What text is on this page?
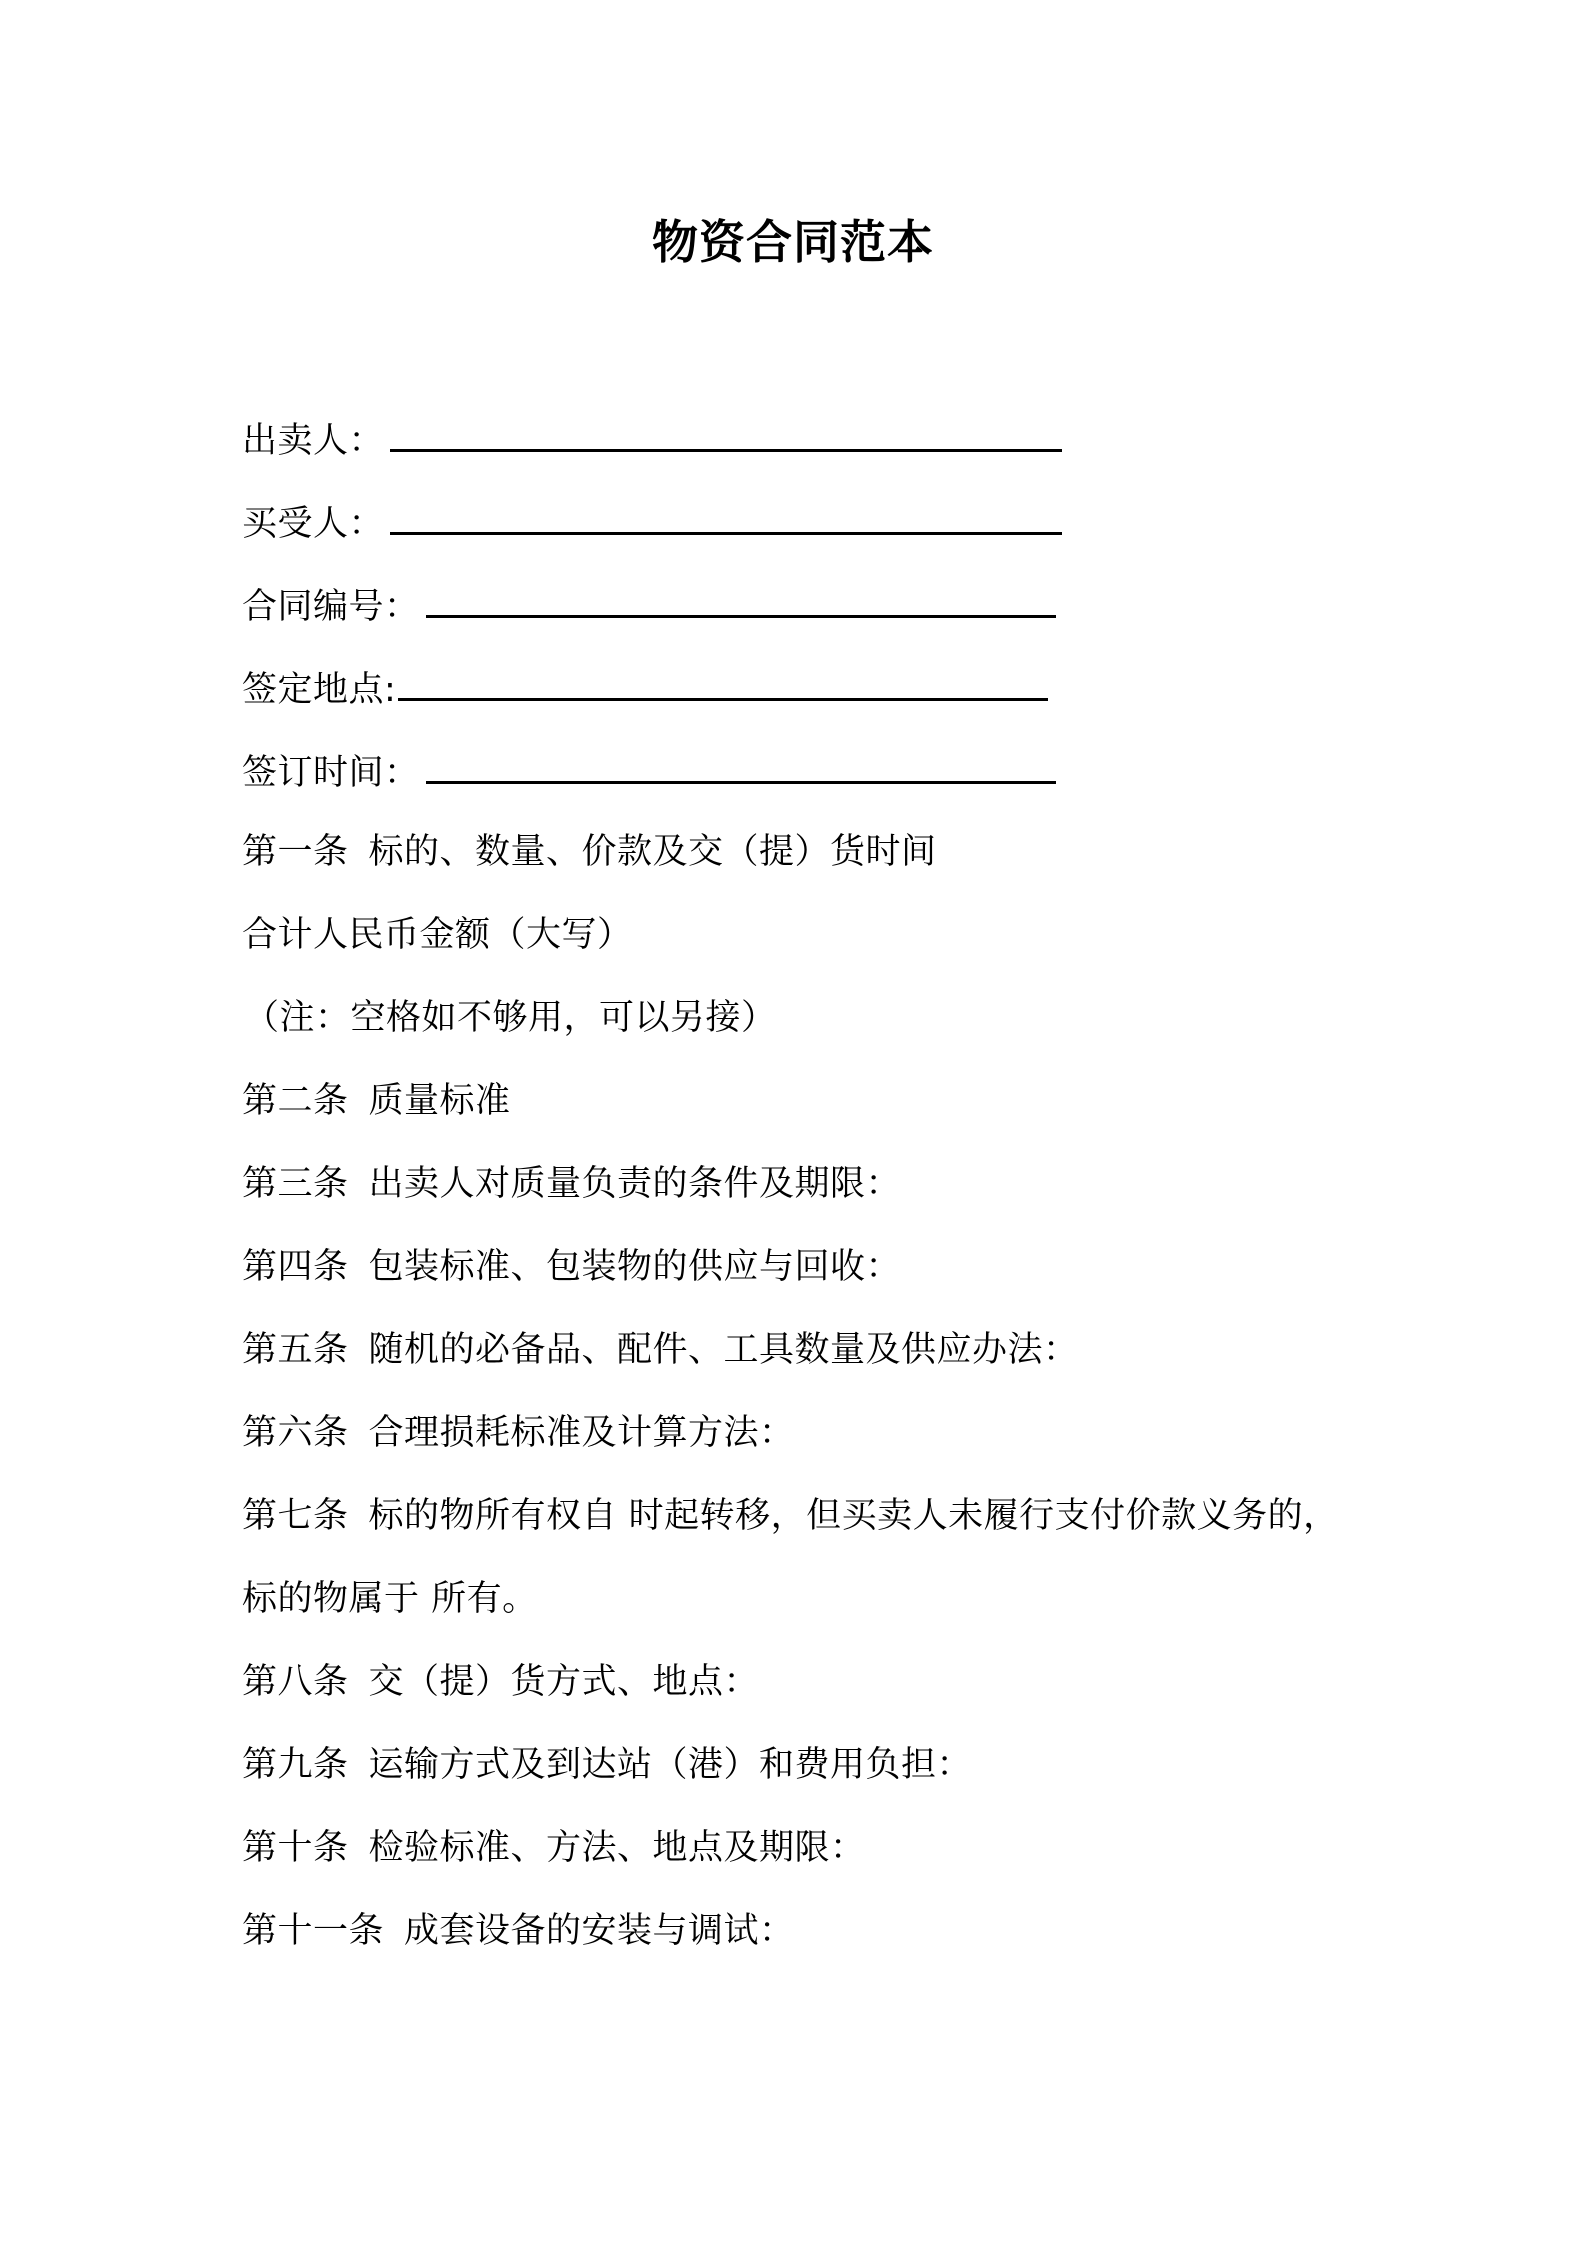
物资合同范本
出卖人：
买受人：
合同编号：
签定地点:
签订时间：
第一条 标的、数量、价款及交（提）货时间
合计人民币金额（大写）
（注：空格如不够用，可以另接）
第二条 质量标准
第三条 出卖人对质量负责的条件及期限：
第四条 包装标准、包装物的供应与回收：
第五条 随机的必备品、配件、工具数量及供应办法：
第六条 合理损耗标准及计算方法：
第七条 标的物所有权自 时起转移，但买卖人未履行支付价款义务的，
标的物属于 所有。
第八条 交（提）货方式、地点：
第九条 运输方式及到达站（港）和费用负担：
第十条 检验标准、方法、地点及期限：
第十一条 成套设备的安装与调试：
